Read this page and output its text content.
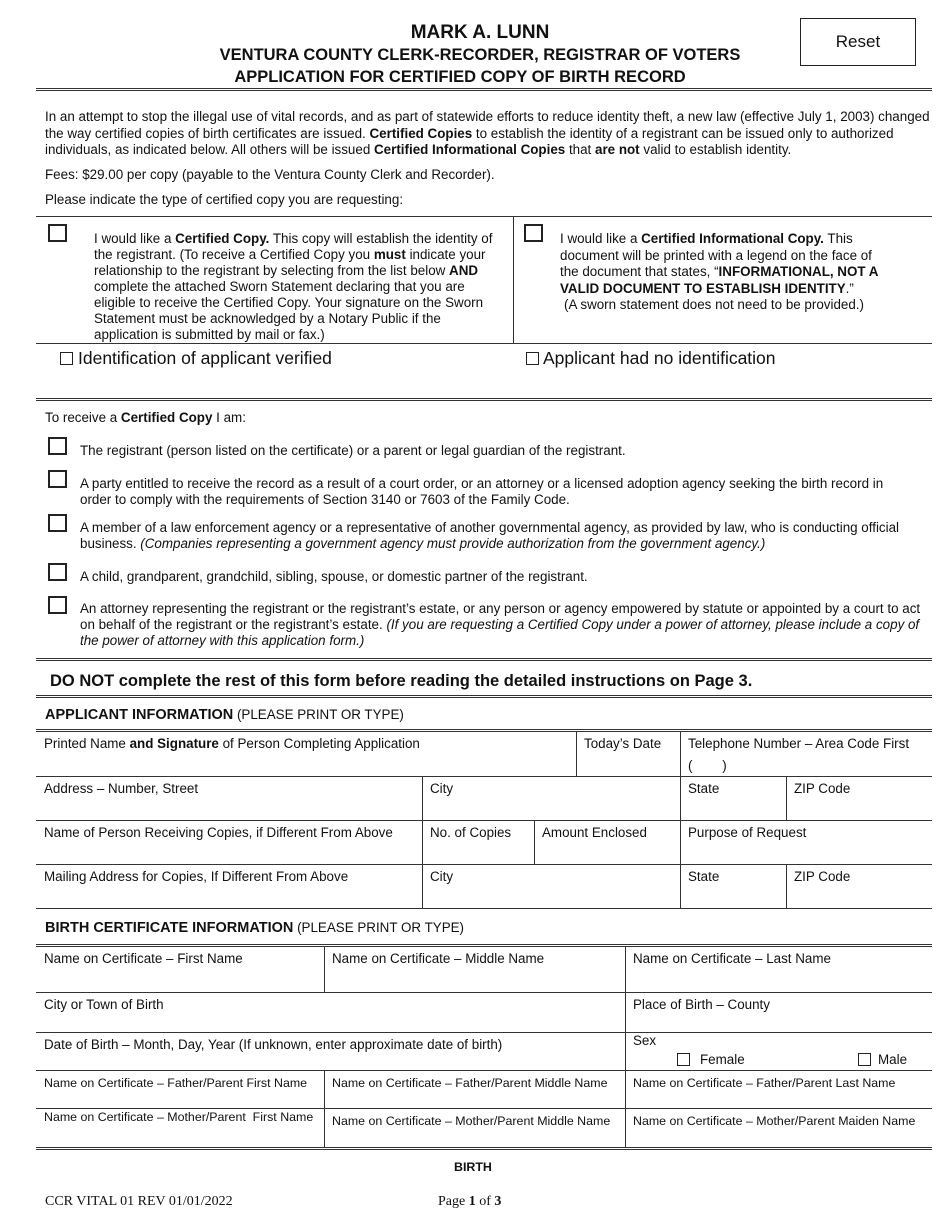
MARK A. LUNN
VENTURA COUNTY CLERK-RECORDER, REGISTRAR OF VOTERS
APPLICATION FOR CERTIFIED COPY OF BIRTH RECORD
Reset
In an attempt to stop the illegal use of vital records, and as part of statewide efforts to reduce identity theft, a new law (effective July 1, 2003) changed the way certified copies of birth certificates are issued. Certified Copies to establish the identity of a registrant can be issued only to authorized individuals, as indicated below. All others will be issued Certified Informational Copies that are not valid to establish identity.
Fees: $29.00 per copy (payable to the Ventura County Clerk and Recorder).
Please indicate the type of certified copy you are requesting:
I would like a Certified Copy. This copy will establish the identity of the registrant. (To receive a Certified Copy you must indicate your relationship to the registrant by selecting from the list below AND complete the attached Sworn Statement declaring that you are eligible to receive the Certified Copy. Your signature on the Sworn Statement must be acknowledged by a Notary Public if the application is submitted by mail or fax.)
I would like a Certified Informational Copy. This document will be printed with a legend on the face of the document that states, “INFORMATIONAL, NOT A VALID DOCUMENT TO ESTABLISH IDENTITY.”
(A sworn statement does not need to be provided.)
Identification of applicant verified	Applicant had no identification
To receive a Certified Copy I am:
The registrant (person listed on the certificate) or a parent or legal guardian of the registrant.
A party entitled to receive the record as a result of a court order, or an attorney or a licensed adoption agency seeking the birth record in order to comply with the requirements of Section 3140 or 7603 of the Family Code.
A member of a law enforcement agency or a representative of another governmental agency, as provided by law, who is conducting official business. (Companies representing a government agency must provide authorization from the government agency.)
A child, grandparent, grandchild, sibling, spouse, or domestic partner of the registrant.
An attorney representing the registrant or the registrant’s estate, or any person or agency empowered by statute or appointed by a court to act on behalf of the registrant or the registrant’s estate. (If you are requesting a Certified Copy under a power of attorney, please include a copy of the power of attorney with this application form.)
DO NOT complete the rest of this form before reading the detailed instructions on Page 3.
APPLICANT INFORMATION (PLEASE PRINT OR TYPE)
Printed Name and Signature of Person Completing Application	Today’s Date	Telephone Number – Area Code First
(        )
Address – Number, Street	City	State	ZIP Code
Name of Person Receiving Copies, if Different From Above	No. of Copies	Amount Enclosed	Purpose of Request
Mailing Address for Copies, If Different From Above	City	State	ZIP Code
BIRTH CERTIFICATE INFORMATION (PLEASE PRINT OR TYPE)
Name on Certificate – First Name	Name on Certificate – Middle Name	Name on Certificate – Last Name
City or Town of Birth	Place of Birth – County
Date of Birth – Month, Day, Year (If unknown, enter approximate date of birth)	Sex
Female	Male
Name on Certificate – Father/Parent First Name	Name on Certificate – Father/Parent Middle Name	Name on Certificate – Father/Parent Last Name
Name on Certificate – Mother/Parent  First Name	Name on Certificate – Mother/Parent Middle Name	Name on Certificate – Mother/Parent Maiden Name
BIRTH
CCR VITAL 01 REV 01/01/2022	Page 1 of 3
